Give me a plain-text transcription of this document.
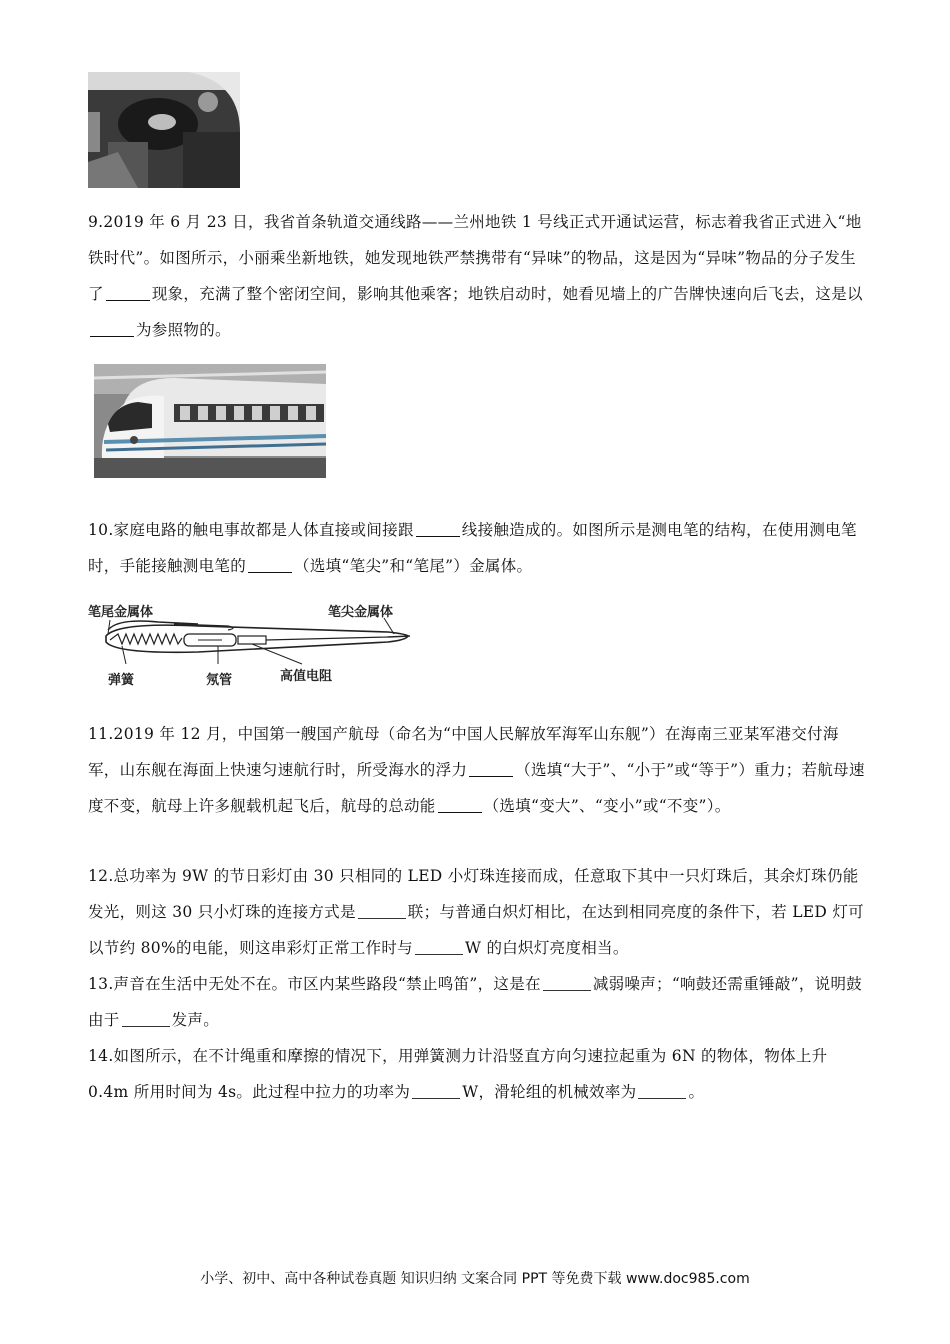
9.2019 年 6 月 23 日，我省首条轨道交通线路——兰州地铁 1 号线正式开通试运营，标志着我省正式进入“地铁时代”。如图所示，小丽乘坐新地铁，她发现地铁严禁携带有“异味”的物品，这是因为“异味”物品的分子发生了	现象，充满了整个密闭空间，影响其他乘客；地铁启动时，她看见墙上的广告牌快速向后飞去，这是以为参照物的。
10.家庭电路的触电事故都是人体直接或间接跟	线接触造成的。如图所示是测电笔的结构，在使用测电笔时，手能接触测电笔的	（选填“笔尖”和“笔尾”）金属体。
笔尾金属体	笔尖金属体
弹簧	氖管	高值电阻
11.2019 年 12 月，中国第一艘国产航母（命名为“中国人民解放军海军山东舰”）在海南三亚某军港交付海军，山东舰在海面上快速匀速航行时，所受海水的浮力	（选填“大于”、“小于”或“等于”）重力；若航母速度不变，航母上许多舰载机起飞后，航母的总动能	（选填“变大”、“变小”或“不变”）。
12.总功率为 9W 的节日彩灯由 30 只相同的 LED 小灯珠连接而成，任意取下其中一只灯珠后，其余灯珠仍能发光，则这 30 只小灯珠的连接方式是	联；与普通白炽灯相比，在达到相同亮度的条件下，若 LED 灯可以节约 80%的电能，则这串彩灯正常工作时与	W 的白炽灯亮度相当。
13.声音在生活中无处不在。市区内某些路段“禁止鸣笛”，这是在	减弱噪声；“响鼓还需重锤敲”，说明鼓由于	发声。
14.如图所示，在不计绳重和摩擦的情况下，用弹簧测力计沿竖直方向匀速拉起重为 6N 的物体，物体上升 0.4m 所用时间为 4s。此过程中拉力的功率为	W，滑轮组的机械效率为	。
小学、初中、高中各种试卷真题 知识归纳 文案合同 PPT 等免费下载 www.doc985.com
